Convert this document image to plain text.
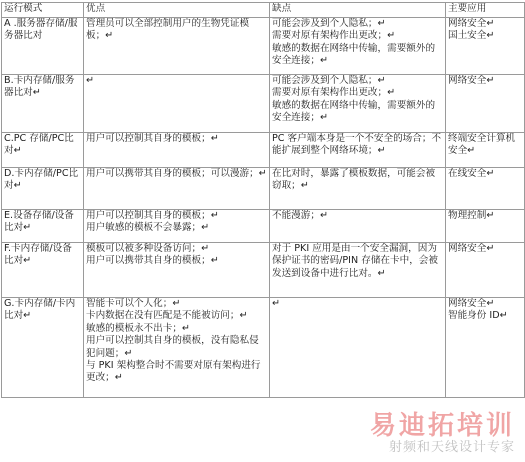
运行模式	优点	缺点	主要应用
A .服务器存储/服务器比对	管理员可以全部控制用户的生物凭证模板；↵	可能会涉及到个人隐私；↵
需要对原有架构作出更改；↵
敏感的数据在网络中传输，需要额外的安全连接；↵	网络安全↵
国土安全↵

B.卡内存储/服务器比对↵	↵	可能会涉及到个人隐私；↵
需要对原有架构作出更改；↵
敏感的数据在网络中传输，需要额外的安全连接；↵	网络安全↵

C.PC 存储/PC比对↵	用户可以控制其自身的模板；↵	PC 客户端本身是一个不安全的场合；不能扩展到整个网络环境；↵	终端安全计算机安全↵

D.卡内存储/PC比对↵	用户可以携带其自身的模板；可以漫游；↵	在比对时，暴露了模板数据，可能会被窃取；↵	在线安全↵

E.设备存储/设备比对↵	用户可以控制其自身的模板；↵
用户敏感的模板不会暴露；↵	不能漫游；↵	物理控制↵

F.卡内存储/设备比对↵	模板可以被多种设备访问；↵
用户可以携带其自身的模板；↵	对于 PKI 应用是由一个安全漏洞，因为保护证书的密码/PIN 存储在卡中，会被发送到设备中进行比对。↵	网络安全↵

G.卡内存储/卡内比对↵	智能卡可以个人化；↵
卡内数据在没有匹配是不能被访问；↵
敏感的模板永不出卡；↵
用户可以控制其自身的模板，没有隐私侵犯问题；↵
与 PKI 架构整合时不需要对原有架构进行更改；↵	↵	网络安全↵
智能身份 ID↵
易迪拓培训
射频和天线设计专家
